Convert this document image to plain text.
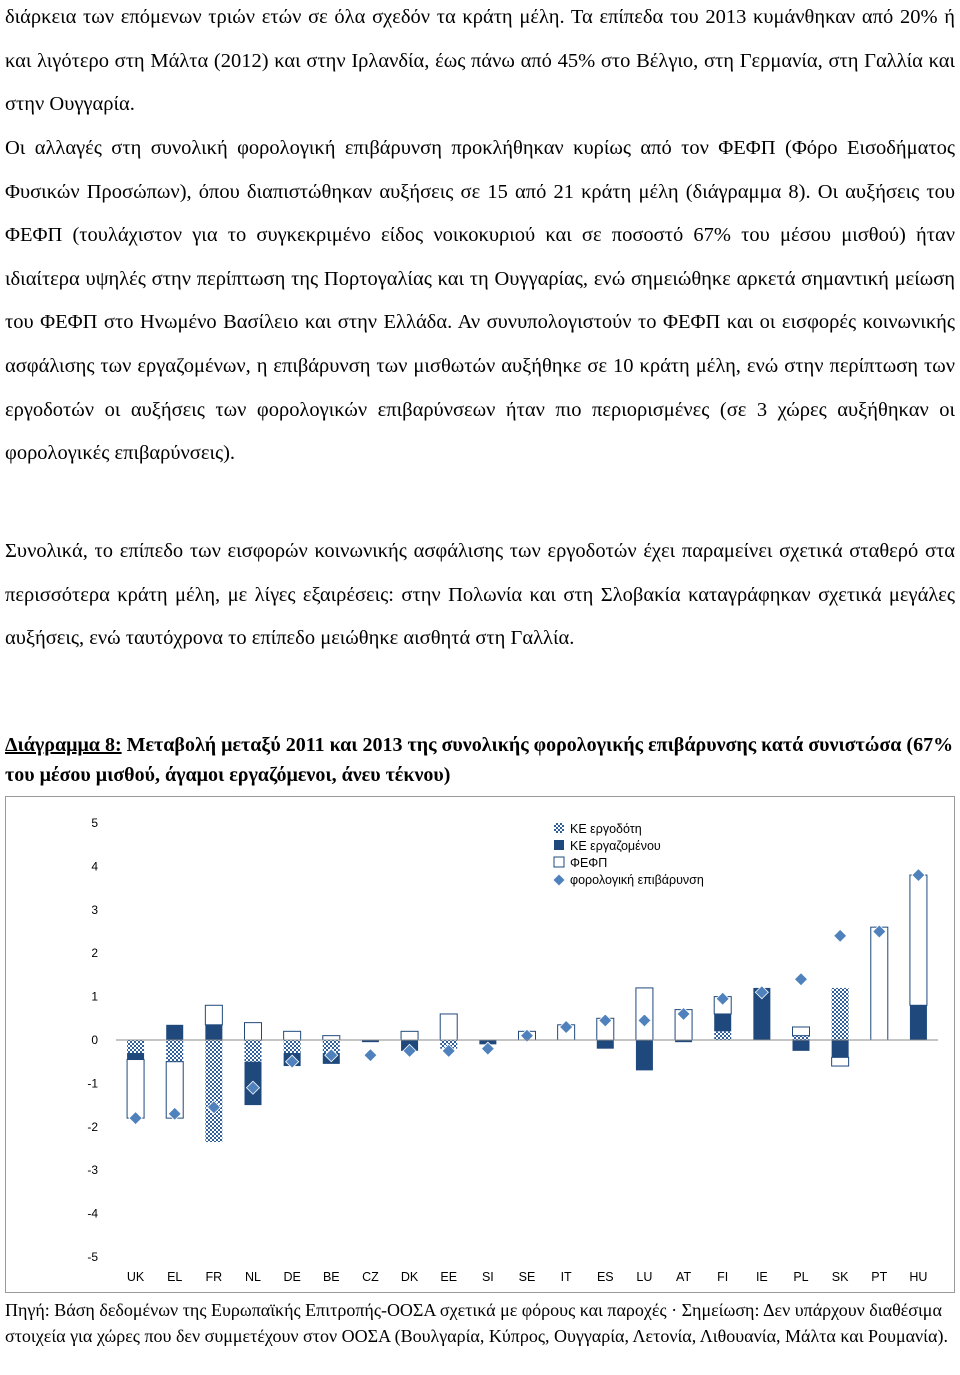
διάρκεια των επόμενων τριών ετών σε όλα σχεδόν τα κράτη μέλη. Τα επίπεδα του 2013 κυμάνθηκαν από 20% ή και λιγότερο στη Μάλτα (2012) και στην Ιρλανδία, έως πάνω από 45% στο Βέλγιο, στη Γερμανία, στη Γαλλία και στην Ουγγαρία.

Οι αλλαγές στη συνολική φορολογική επιβάρυνση προκλήθηκαν κυρίως από τον ΦΕΦΠ (Φόρο Εισοδήματος Φυσικών Προσώπων), όπου διαπιστώθηκαν αυξήσεις σε 15 από 21 κράτη μέλη (διάγραμμα 8). Οι αυξήσεις του ΦΕΦΠ (τουλάχιστον για το συγκεκριμένο είδος νοικοκυριού και σε ποσοστό 67% του μέσου μισθού) ήταν ιδιαίτερα υψηλές στην περίπτωση της Πορτογαλίας και τη Ουγγαρίας, ενώ σημειώθηκε αρκετά σημαντική μείωση του ΦΕΦΠ στο Ηνωμένο Βασίλειο και στην Ελλάδα. Αν συνυπολογιστούν το ΦΕΦΠ και οι εισφορές κοινωνικής ασφάλισης των εργαζομένων, η επιβάρυνση των μισθωτών αυξήθηκε σε 10 κράτη μέλη, ενώ στην περίπτωση των εργοδοτών οι αυξήσεις των φορολογικών επιβαρύνσεων ήταν πιο περιορισμένες (σε 3 χώρες αυξήθηκαν οι φορολογικές επιβαρύνσεις).

Συνολικά, το επίπεδο των εισφορών κοινωνικής ασφάλισης των εργοδοτών έχει παραμείνει σχετικά σταθερό στα περισσότερα κράτη μέλη, με λίγες εξαιρέσεις: στην Πολωνία και στη Σλοβακία καταγράφηκαν σχετικά μεγάλες αυξήσεις, ενώ ταυτόχρονα το επίπεδο μειώθηκε αισθητά στη Γαλλία.

Διάγραμμα 8: Μεταβολή μεταξύ 2011 και 2013 της συνολικής φορολογικής επιβάρυνσης κατά συνιστώσα (67% του μέσου μισθού, άγαμοι εργαζόμενοι, άνευ τέκνου)

5
4
3
2
1
0
-1
-2
-3
-4
-5
UK EL FR NL DE BE CZ DK EE SI SE IT ES LU AT FI IE PL SK PT HU
ΚΕ εργοδότη
ΚΕ εργαζομένου
ΦΕΦΠ
φορολογική επιβάρυνση

Πηγή: Βάση δεδομένων της Ευρωπαϊκής Επιτροπής-ΟΟΣΑ σχετικά με φόρους και παροχές · Σημείωση: Δεν υπάρχουν διαθέσιμα στοιχεία για χώρες που δεν συμμετέχουν στον ΟΟΣΑ (Βουλγαρία, Κύπρος, Ουγγαρία, Λετονία, Λιθουανία, Μάλτα και Ρουμανία).
